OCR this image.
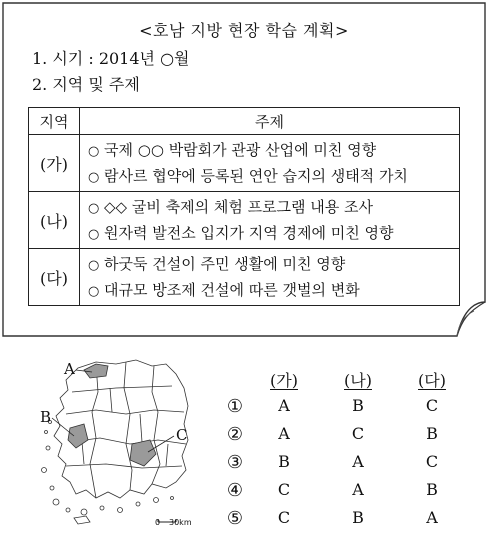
<호남 지방 현장 학습 계획>
1. 시기 : 2014년 ○월
2. 지역 및 주제
지역	주제
(가)	○ 국제 ○○ 박람회가 관광 산업에 미친 영향
○ 람사르 협약에 등록된 연안 습지의 생태적 가치

(나)	○ ◇◇ 굴비 축제의 체험 프로그램 내용 조사
○ 원자력 발전소 입지가 지역 경제에 미친 영향

(다)	○ 하굿둑 건설이 주민 생활에 미친 영향
○ 대규모 방조제 건설에 따른 갯벌의 변화
A
B
C
0 30km
(가)	(나)	(다)
①	A	B	C
②	A	C	B
③	B	A	C
④	C	A	B
⑤	C	B	A
